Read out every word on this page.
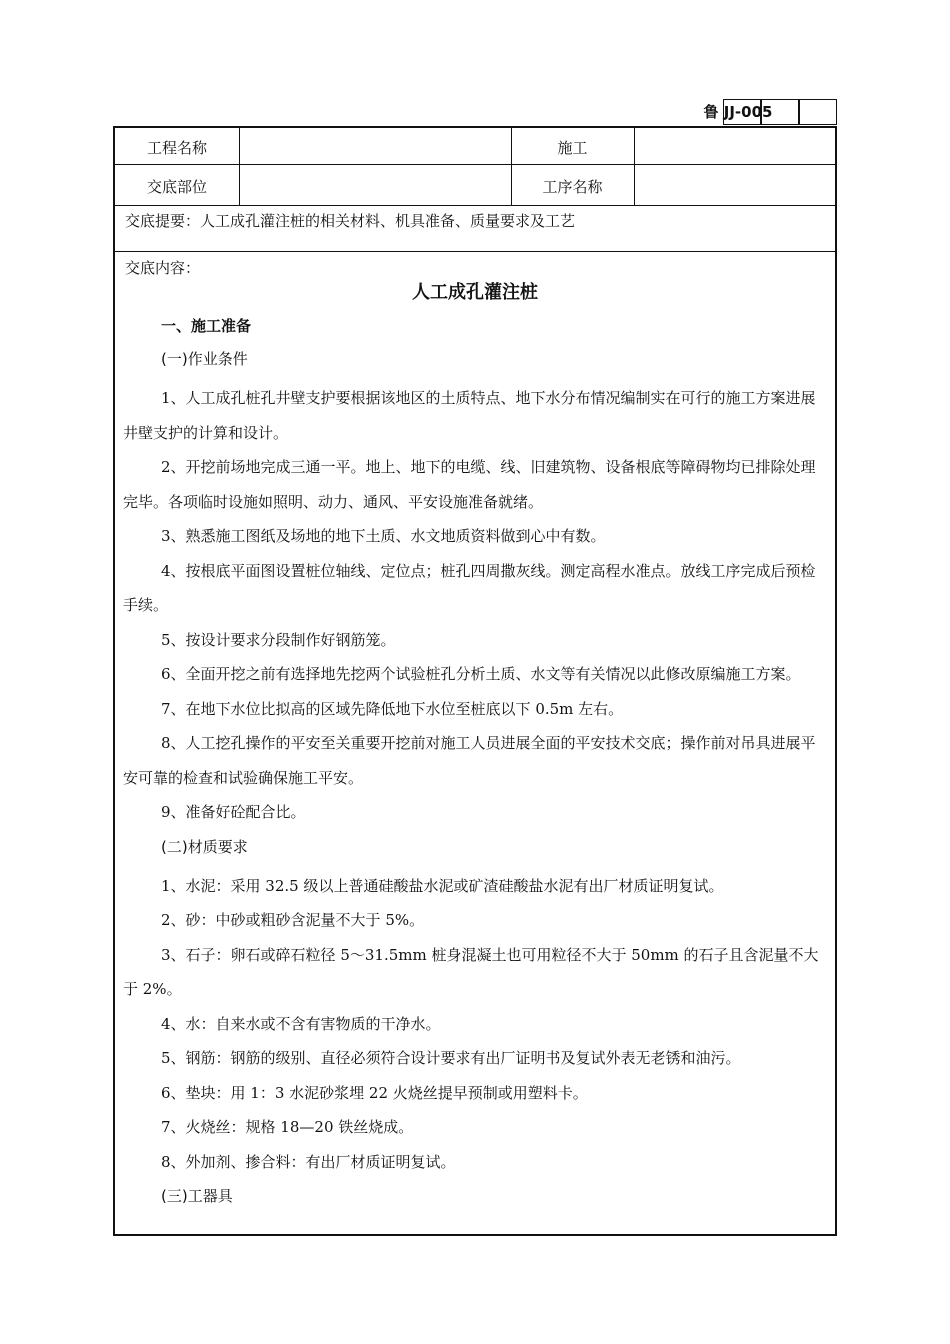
鲁 JJ-005
工程名称	施工
交底部位	工序名称
交底提要：人工成孔灌注桩的相关材料、机具准备、质量要求及工艺
交底内容：
人工成孔灌注桩
一、施工准备
(一)作业条件

1、人工成孔桩孔井壁支护要根据该地区的土质特点、地下水分布情况编制实在可行的施工方案进展井壁支护的计算和设计。

2、开挖前场地完成三通一平。地上、地下的电缆、线、旧建筑物、设备根底等障碍物均已排除处理完毕。各项临时设施如照明、动力、通风、平安设施准备就绪。

3、熟悉施工图纸及场地的地下土质、水文地质资料做到心中有数。

4、按根底平面图设置桩位轴线、定位点；桩孔四周撒灰线。测定高程水准点。放线工序完成后预检手续。

5、按设计要求分段制作好钢筋笼。

6、全面开挖之前有选择地先挖两个试验桩孔分析土质、水文等有关情况以此修改原编施工方案。

7、在地下水位比拟高的区域先降低地下水位至桩底以下 0.5m 左右。

8、人工挖孔操作的平安至关重要开挖前对施工人员进展全面的平安技术交底；操作前对吊具进展平安可靠的检查和试验确保施工平安。

9、准备好砼配合比。

(二)材质要求

1、水泥：采用 32.5 级以上普通硅酸盐水泥或矿渣硅酸盐水泥有出厂材质证明复试。

2、砂：中砂或粗砂含泥量不大于 5%。

3、石子：卵石或碎石粒径 5～31.5mm 桩身混凝土也可用粒径不大于 50mm 的石子且含泥量不大于 2%。

4、水：自来水或不含有害物质的干净水。

5、钢筋：钢筋的级别、直径必须符合设计要求有出厂证明书及复试外表无老锈和油污。

6、垫块：用 1：3 水泥砂浆埋 22 火烧丝提早预制或用塑料卡。

7、火烧丝：规格 18—20 铁丝烧成。

8、外加剂、掺合料：有出厂材质证明复试。

(三)工器具
